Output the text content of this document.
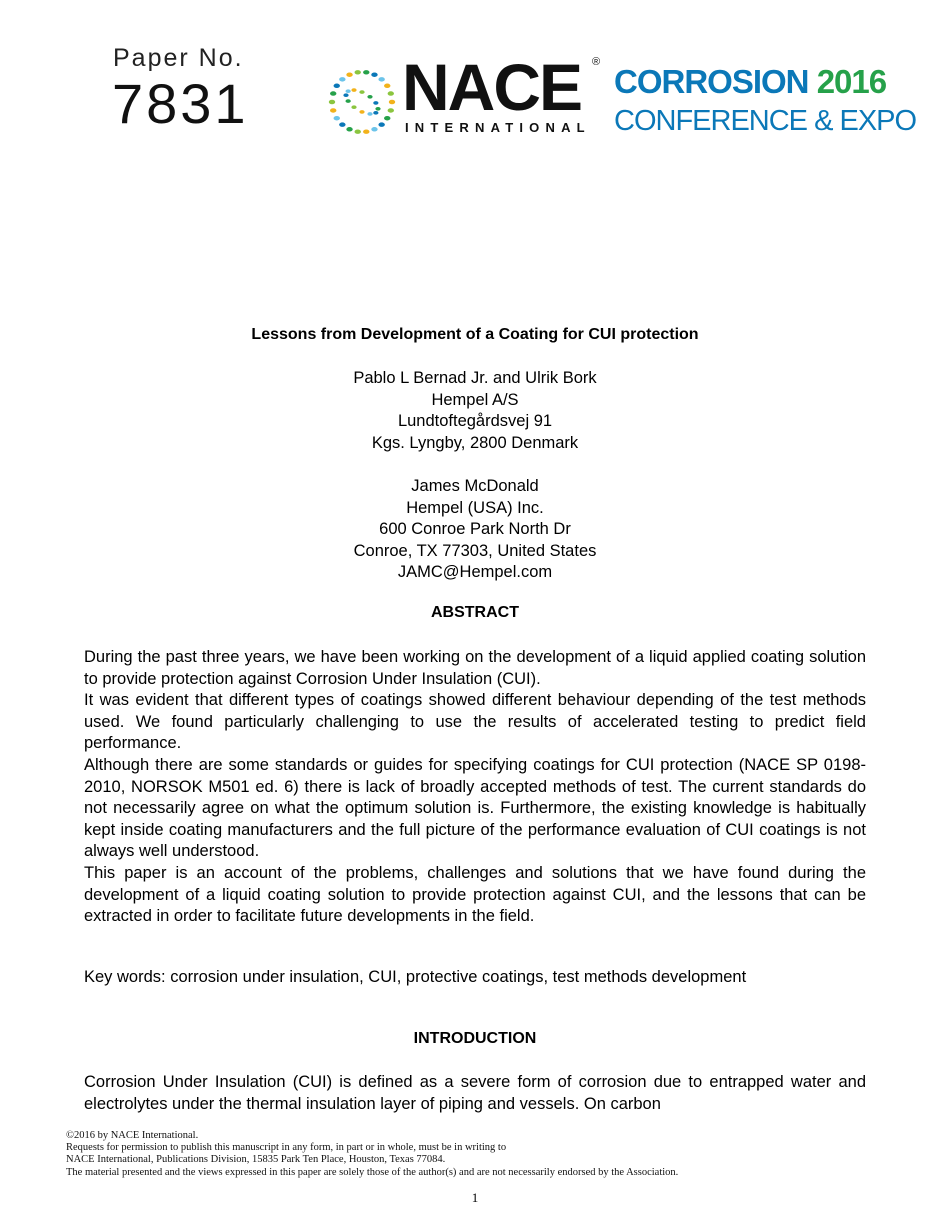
Paper No.
7831 NACE ®
INTERNATIONAL
CORROSION 2016
CONFERENCE & EXPO
Lessons from Development of a Coating for CUI protection
Pablo L Bernad Jr. and Ulrik Bork
Hempel A/S
Lundtoftegårdsvej 91
Kgs. Lyngby, 2800 Denmark
James McDonald
Hempel (USA) Inc.
600 Conroe Park North Dr
Conroe, TX 77303, United States
JAMC@Hempel.com
ABSTRACT

During the past three years, we have been working on the development of a liquid applied coating solution to provide protection against Corrosion Under Insulation (CUI).

It was evident that different types of coatings showed different behaviour depending of the test methods used. We found particularly challenging to use the results of accelerated testing to predict field performance.

Although there are some standards or guides for specifying coatings for CUI protection (NACE SP 0198-2010, NORSOK M501 ed. 6) there is lack of broadly accepted methods of test. The current standards do not necessarily agree on what the optimum solution is. Furthermore, the existing knowledge is habitually kept inside coating manufacturers and the full picture of the performance evaluation of CUI coatings is not always well understood.

This paper is an account of the problems, challenges and solutions that we have found during the development of a liquid coating solution to provide protection against CUI, and the lessons that can be extracted in order to facilitate future developments in the field.

Key words: corrosion under insulation, CUI, protective coatings, test methods development
INTRODUCTION

Corrosion Under Insulation (CUI) is defined as a severe form of corrosion due to entrapped water and electrolytes under the thermal insulation layer of piping and vessels. On carbon

©2016 by NACE International.
Requests for permission to publish this manuscript in any form, in part or in whole, must be in writing to
NACE International, Publications Division, 15835 Park Ten Place, Houston, Texas 77084.
The material presented and the views expressed in this paper are solely those of the author(s) and are not necessarily endorsed by the Association.
1
